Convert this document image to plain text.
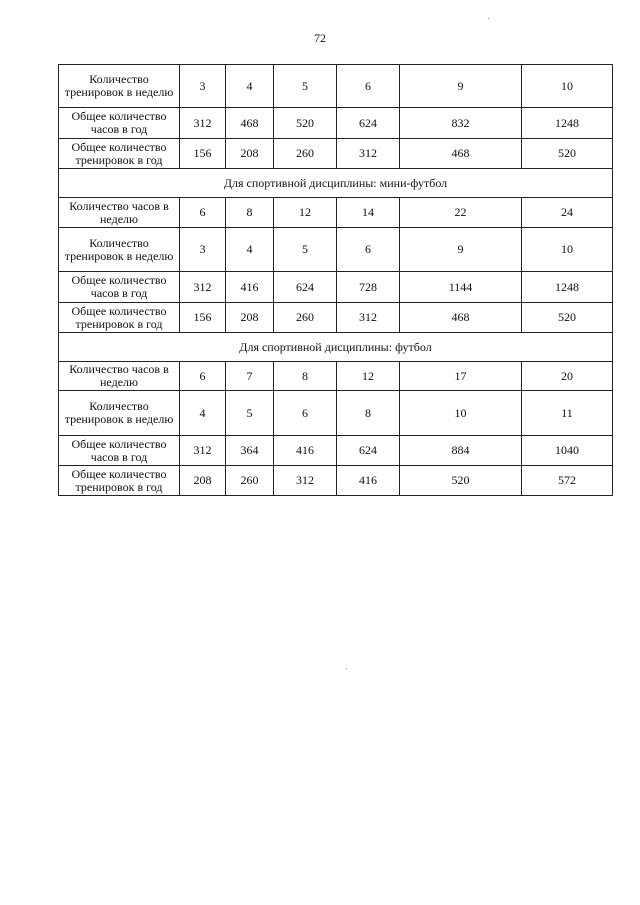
72
Количество тренировок в неделю	3	4	5	6	9	10
Общее количество часов в год	312	468	520	624	832	1248
Общее количество тренировок в год	156	208	260	312	468	520
Для спортивной дисциплины: мини-футбол						
Количество часов в неделю	6	8	12	14	22	24
Количество тренировок в неделю	3	4	5	6	9	10
Общее количество часов в год	312	416	624	728	1144	1248
Общее количество тренировок в год	156	208	260	312	468	520
Для спортивной дисциплины: футбол						
Количество часов в неделю	6	7	8	12	17	20
Количество тренировок в неделю	4	5	6	8	10	11
Общее количество часов в год	312	364	416	624	884	1040
Общее количество тренировок в год	208	260	312	416	520	572
